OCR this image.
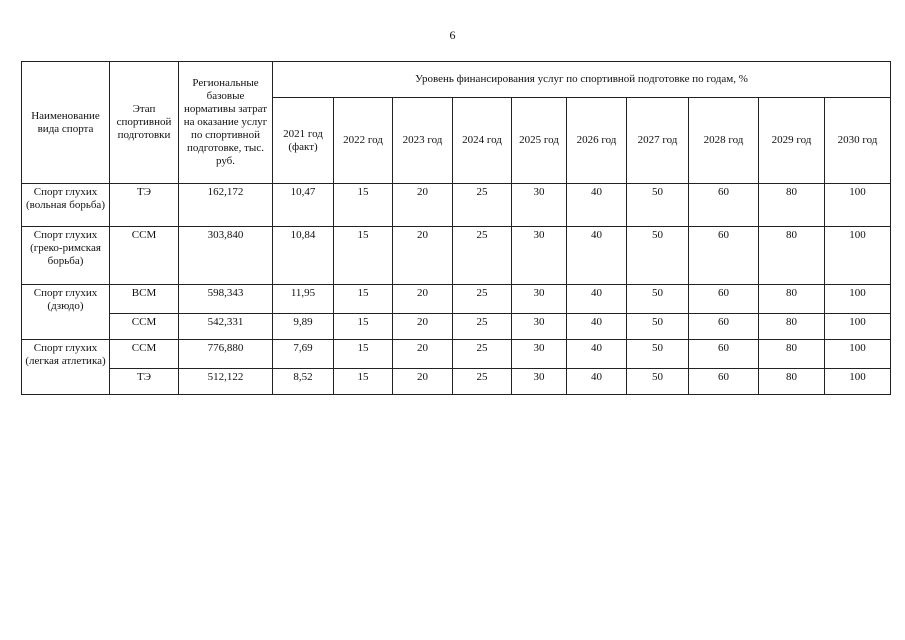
6
Наименование вида спорта	Этап спортивной подготовки	Региональные базовые нормативы затрат на оказание услуг по спортивной подготовке, тыс. руб.	Уровень финансирования услуг по спортивной подготовке по годам, %									
			2021 год (факт)	2022 год	2023 год	2024 год	2025 год	2026 год	2027 год	2028 год	2029 год	2030 год
Спорт глухих (вольная борьба)	ТЭ	162,172	10,47	15	20	25	30	40	50	60	80	100
Спорт глухих (греко-римская борьба)	ССМ	303,840	10,84	15	20	25	30	40	50	60	80	100
Спорт глухих (дзюдо)	ВСМ	598,343	11,95	15	20	25	30	40	50	60	80	100
	ССМ	542,331	9,89	15	20	25	30	40	50	60	80	100
Спорт глухих (легкая атлетика)	ССМ	776,880	7,69	15	20	25	30	40	50	60	80	100
	ТЭ	512,122	8,52	15	20	25	30	40	50	60	80	100
